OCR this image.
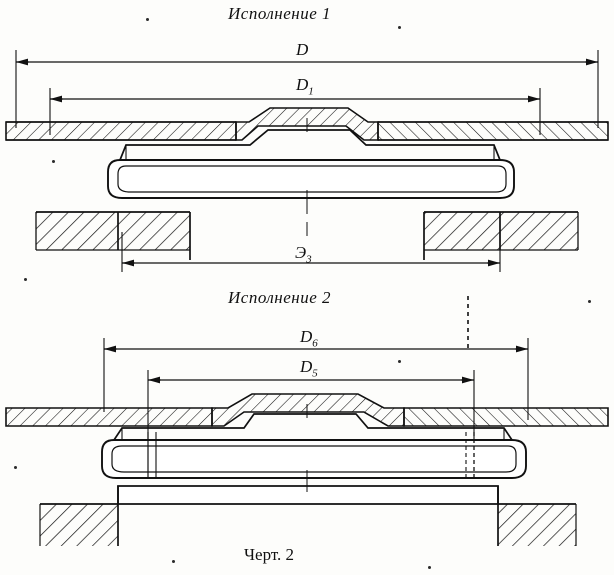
Исполнение 1
D
$D_1$
$Э_3$
Исполнение 2
$D_6$
$D_5$
Черт. 2
